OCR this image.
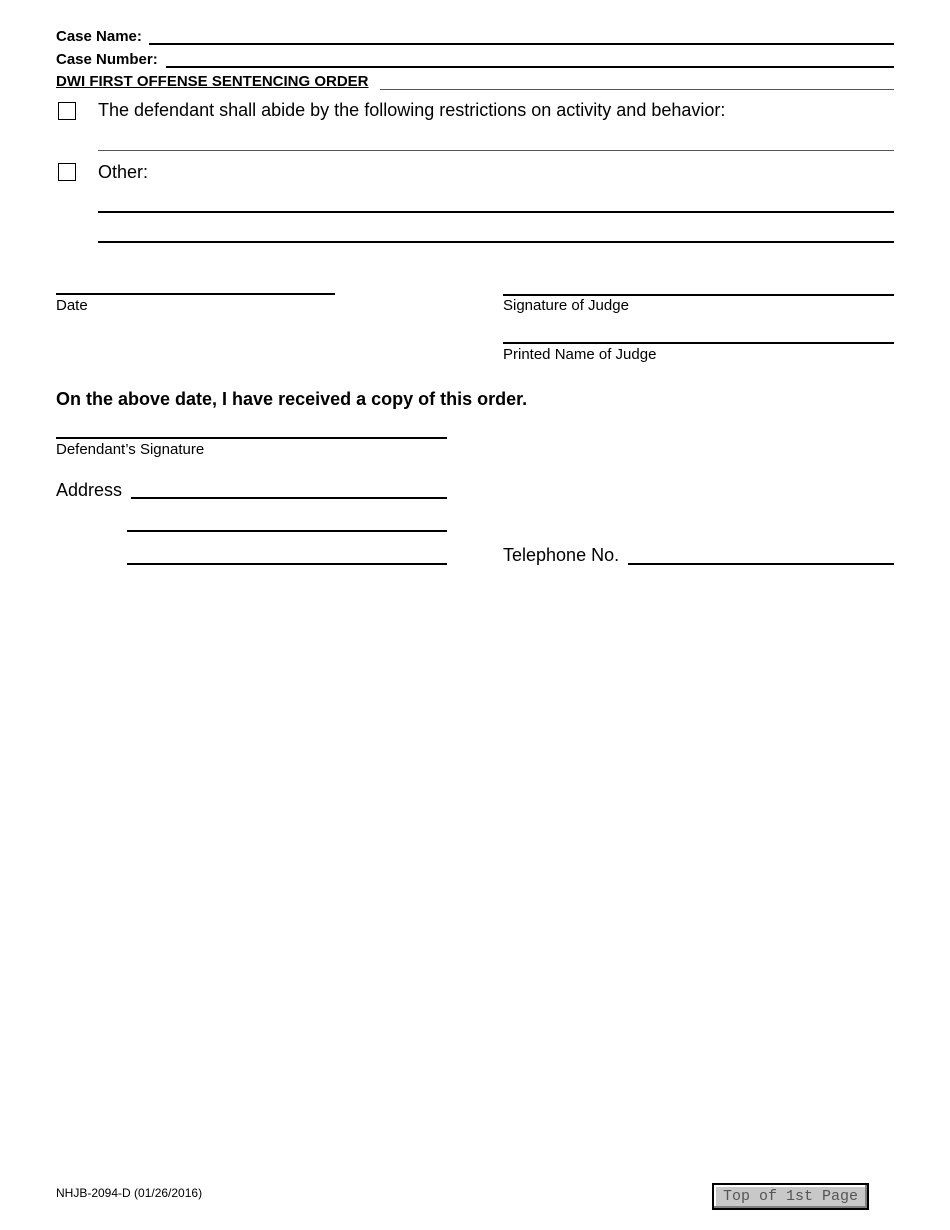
Case Name:
Case Number:
DWI FIRST OFFENSE SENTENCING ORDER
The defendant shall abide by the following restrictions on activity and behavior:
Other:
Date	Signature of Judge
Printed Name of Judge
On the above date, I have received a copy of this order.
Defendant’s Signature
Address
Telephone No.
NHJB-2094-D (01/26/2016)	Top of 1st Page
